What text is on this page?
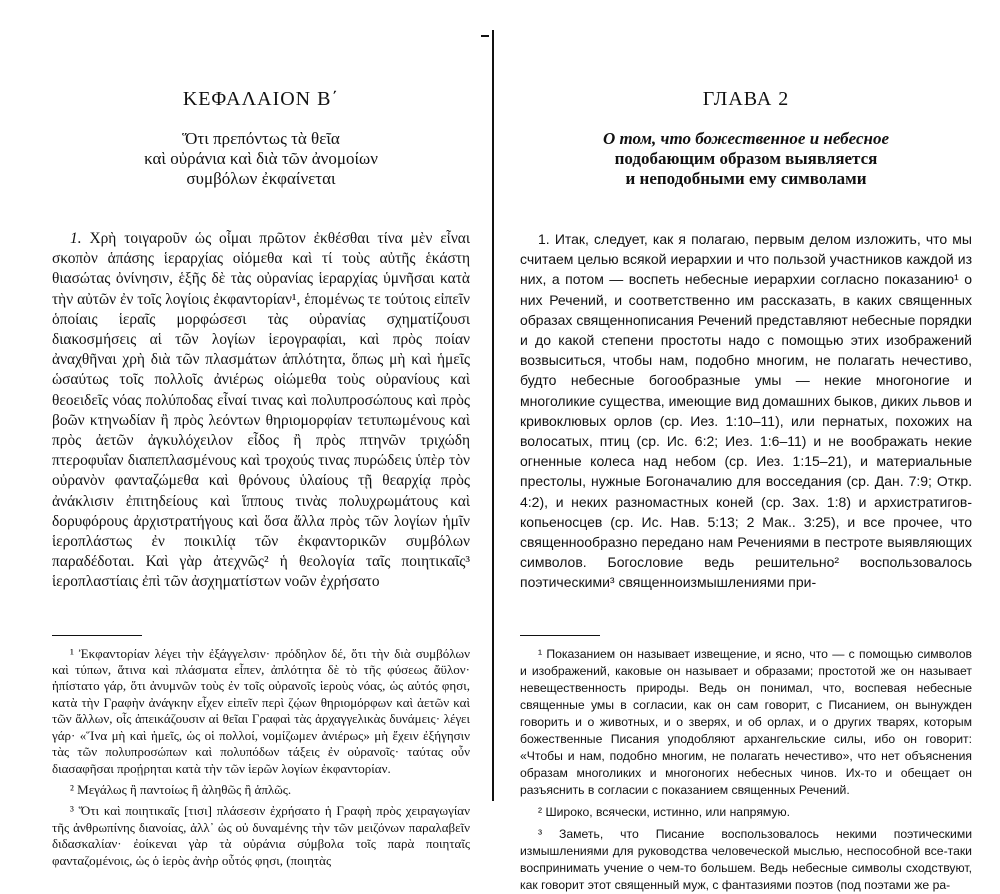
ΚΕΦΑΛΑΙΟΝ Β΄

Ὅτι πρεπόντως τὰ θεῖα

καὶ οὐράνια καὶ διὰ τῶν ἀνομοίων

συμβόλων ἐκφαίνεται

1. Χρὴ τοιγαροῦν ὡς οἶμαι πρῶτον ἐκθέσθαι τίνα μὲν εἶναι σκοπὸν ἁπάσης ἱεραρχίας οἰόμεθα καὶ τί τοὺς αὐτῆς ἑκάστη θιασώτας ὀνίνησιν, ἑξῆς δὲ τὰς οὐρανίας ἱεραρχίας ὑμνῆσαι κατὰ τὴν αὐτῶν ἐν τοῖς λογίοις ἐκφαντορίαν¹, ἑπομένως τε τούτοις εἰπεῖν ὁποίαις ἱεραῖς μορφώσεσι τὰς οὐρανίας σχηματίζουσι διακοσμήσεις αἱ τῶν λογίων ἱερογραφίαι, καὶ πρὸς ποίαν ἀναχθῆναι χρὴ διὰ τῶν πλασμάτων ἁπλότητα, ὅπως μὴ καὶ ἡμεῖς ὡσαύτως τοῖς πολλοῖς ἀνιέρως οἰώμεθα τοὺς οὐρανίους καὶ θεοειδεῖς νόας πολύποδας εἶναί τινας καὶ πολυπροσώπους καὶ πρὸς βοῶν κτηνωδίαν ἢ πρὸς λεόντων θηριομορφίαν τετυπωμένους καὶ πρὸς ἀετῶν ἀγκυλόχειλον εἶδος ἢ πρὸς πτηνῶν τριχώδη πτεροφυΐαν διαπεπλασμένους καὶ τροχούς τινας πυρώδεις ὑπὲρ τὸν οὐρανὸν φανταζώμεθα καὶ θρόνους ὑλαίους τῇ θεαρχίᾳ πρὸς ἀνάκλισιν ἐπιτηδείους καὶ ἵππους τινὰς πολυχρωμάτους καὶ δορυφόρους ἀρχιστρατήγους καὶ ὅσα ἄλλα πρὸς τῶν λογίων ἡμῖν ἱεροπλάστως ἐν ποικιλίᾳ τῶν ἐκφαντορικῶν συμβόλων παραδέδοται. Καὶ γὰρ ἀτεχνῶς² ἡ θεολογία ταῖς ποιητικαῖς³ ἱεροπλαστίαις ἐπὶ τῶν ἀσχηματίστων νοῶν ἐχρήσατο

¹ Ἐκφαντορίαν λέγει τὴν ἐξάγγελσιν· πρόδηλον δέ, ὅτι τὴν διὰ συμβόλων καὶ τύπων, ἅτινα καὶ πλάσματα εἶπεν, ἀπλότητα δὲ τὸ τῆς φύσεως ἄϋλον· ἠπίστατο γάρ, ὅτι ἀνυμνῶν τοὺς ἐν τοῖς οὐρανοῖς ἱεροὺς νόας, ὡς αὐτός φησι, κατὰ τὴν Γραφὴν ἀνάγκην εἶχεν εἰπεῖν περὶ ζῴων θηριομόρφων καὶ ἀετῶν καὶ τῶν ἄλλων, οἷς ἀπεικάζουσιν αἱ θεῖαι Γραφαὶ τὰς ἀρχαγγελικὰς δυνάμεις· λέγει γάρ· «Ἵνα μὴ καὶ ἡμεῖς, ὡς οἱ πολλοί, νομίζωμεν ἀνιέρως» μὴ ἔχειν ἐξήγησιν τὰς τῶν πολυπροσώπων καὶ πολυπόδων τάξεις ἐν οὐρανοῖς· ταύτας οὖν διασαφῆσαι προῄρηται κατὰ τὴν τῶν ἱερῶν λογίων ἐκφαντορίαν.

² Μεγάλως ἢ παντοίως ἢ ἀληθῶς ἢ ἁπλῶς.

³ Ὅτι καὶ ποιητικαῖς [τισι] πλάσεσιν ἐχρήσατο ἡ Γραφὴ πρὸς χειραγωγίαν τῆς ἀνθρωπίνης διανοίας, ἀλλ᾽ ὡς οὐ δυναμένης τὴν τῶν μειζόνων παραλαβεῖν διδασκαλίαν· ἐοίκεναι γὰρ τὰ οὐράνια σύμβολα τοῖς παρὰ ποιηταῖς φανταζομένοις, ὡς ὁ ἱερὸς ἀνὴρ οὗτός φησι, (ποιητὰς

ГЛАВА 2

О том, что божественное и небесное

подобающим образом выявляется

и неподобными ему символами

1. Итак, следует, как я полагаю, первым делом изложить, что мы считаем целью всякой иерархии и что пользой участников каждой из них, а потом — воспеть небесные иерархии согласно показанию¹ о них Речений, и соответственно им рассказать, в каких священных образах священнописания Речений представляют небесные порядки и до какой степени простоты надо с помощью этих изображений возвыситься, чтобы нам, подобно многим, не полагать нечестиво, будто небесные богообразные умы — некие многоногие и многоликие существа, имеющие вид домашних быков, диких львов и кривоклювых орлов (ср. Иез. 1:10–11), или пернатых, похожих на волосатых, птиц (ср. Ис. 6:2; Иез. 1:6–11) и не воображать некие огненные колеса над небом (ср. Иез. 1:15–21), и материальные престолы, нужные Богоначалию для восседания (ср. Дан. 7:9; Откр. 4:2), и неких разномастных коней (ср. Зах. 1:8) и архистратигов-копьеносцев (ср. Ис. Нав. 5:13; 2 Мак.. 3:25), и все прочее, что священнообразно передано нам Речениями в пестроте выявляющих символов. Богословие ведь решительно² воспользовалось поэтическими³ священноизмышлениями при-

¹ Показанием он называет извещение, и ясно, что — с помощью символов и изображений, каковые он называет и образами; простотой же он называет невещественность природы. Ведь он понимал, что, воспевая небесные священные умы в согласии, как он сам говорит, с Писанием, он вынужден говорить и о животных, и о зверях, и об орлах, и о других тварях, которым божественные Писания уподобляют архангельские силы, ибо он говорит: «Чтобы и нам, подобно многим, не полагать нечестиво», что нет объяснения образам многоликих и многоногих небесных чинов. Их-то и обещает он разъяснить в согласии с показанием священных Речений.

² Широко, всячески, истинно, или напрямую.

³ Заметь, что Писание воспользовалось некими поэтическими измышлениями для руководства человеческой мыслью, неспособной все-таки воспринимать учение о чем-то большем. Ведь небесные символы сходствуют, как говорит этот священный муж, с фантазиями поэтов (под поэтами же ра-
